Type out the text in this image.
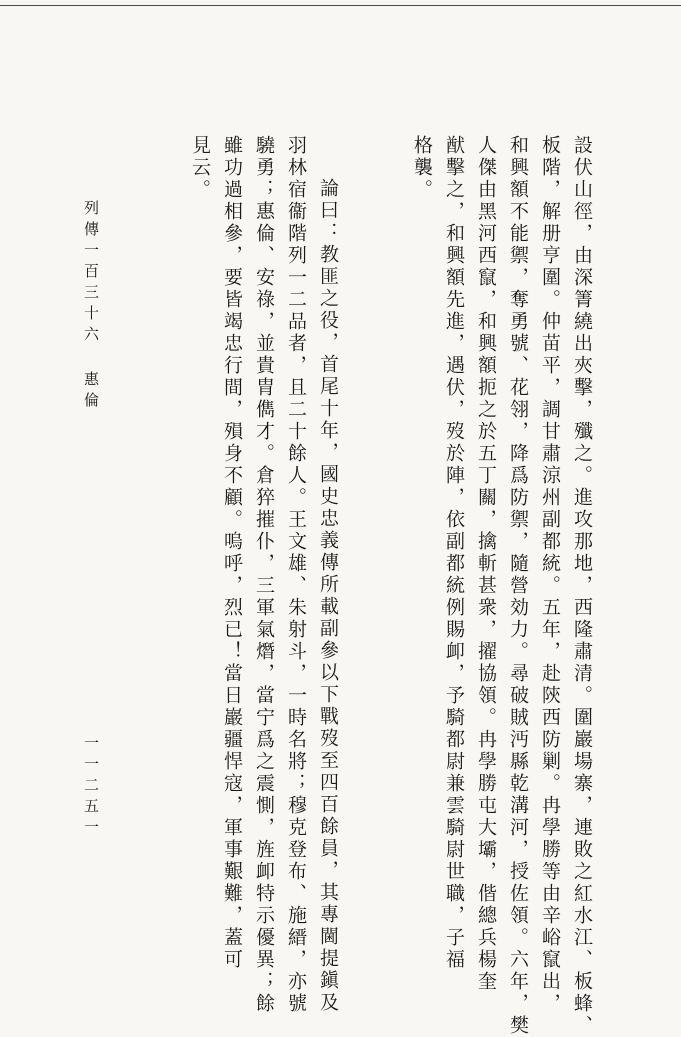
設伏山徑，由深箐繞出夾擊，殲之。進攻那地，西隆肅清。圍巖場寨，連敗之紅水江、板蜂、
板階，解册亨圍。仲苗平，調甘肅涼州副都統。五年，赴陝西防剿。冉學勝等由辛峪竄出，
和興額不能禦，奪勇號、花翎，降爲防禦，隨營効力。尋破賊沔縣乾溝河，授佐領。六年，樊
人傑由黑河西竄，和興額扼之於五丁關，擒斬甚衆，擢協領。冉學勝屯大壩，偕總兵楊奎
猷擊之，和興額先進，遇伏，歿於陣，依副都統例賜卹，予騎都尉兼雲騎尉世職，子福
格襲。
論曰：教匪之役，首尾十年，國史忠義傳所載副參以下戰歿至四百餘員，其專閫提鎭及
羽林宿衞階列一二品者，且二十餘人。王文雄、朱射斗，一時名將；穆克登布、施縉，亦號
驍勇；惠倫、安祿，並貴胄儁才。倉猝摧仆，三軍氣熸，當宁爲之震惻，旌卹特示優異；餘
雖功過相參，要皆竭忠行間，殞身不顧。嗚呼，烈已！當日巖疆悍寇，軍事艱難，蓋可
見云。
列傳一百三十六 惠倫
一一二五一
